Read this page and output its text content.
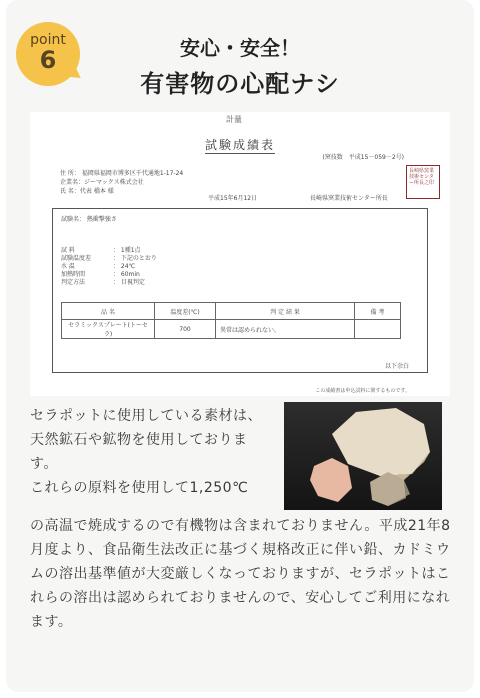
point
6	安心・安全！
有害物の心配ナシ
計量
試験成績表
(窯技数　平成15－059－2号)
住 所： 福岡県福岡市博多区千代通地1-17-24
企業名：ジーマックス株式会社
氏 名：代表 橋本 様
平成15年6月12日	長崎県窯業技術センター所長
長崎県窯業技術センター所長之印
試験名： 熱衝撃強さ
試 料	： 1種1点
試験温度差	： 下記のとおり
水 温	： 24℃
加熱時間	： 60min
判定方法	： 目視判定
品 名	温度差(℃)	判 定 結 果	備 考
セラミックスプレート(トーセラ)	700	異常は認められない。	
以下余白
この成績書は申込試料に関するものです。

セラポットに使用している素材は、天然鉱石や鉱物を使用しております。
これらの原料を使用して1,250℃

の高温で焼成するので有機物は含まれておりません。平成21年8月度より、食品衛生法改正に基づく規格改正に伴い鉛、カドミウムの溶出基準値が大変厳しくなっておりますが、セラポットはこれらの溶出は認められておりませんので、安心してご利用になれます。
